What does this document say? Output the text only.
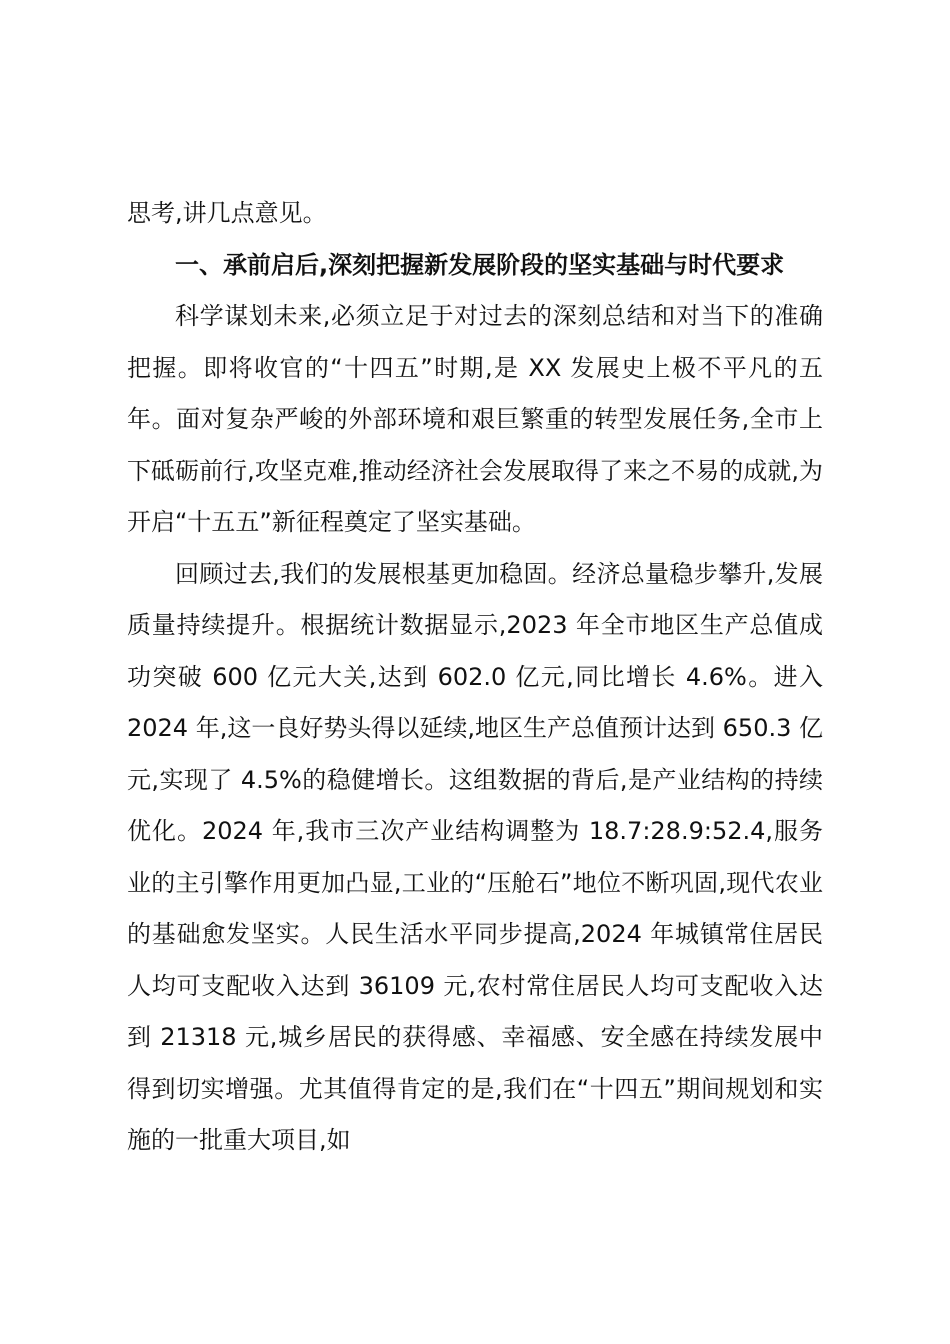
思考,讲几点意见。

一、承前启后,深刻把握新发展阶段的坚实基础与时代要求

科学谋划未来,必须立足于对过去的深刻总结和对当下的准确把握。即将收官的“十四五”时期,是 XX 发展史上极不平凡的五年。面对复杂严峻的外部环境和艰巨繁重的转型发展任务,全市上下砥砺前行,攻坚克难,推动经济社会发展取得了来之不易的成就,为开启“十五五”新征程奠定了坚实基础。

回顾过去,我们的发展根基更加稳固。经济总量稳步攀升,发展质量持续提升。根据统计数据显示,2023 年全市地区生产总值成功突破 600 亿元大关,达到 602.0 亿元,同比增长 4.6%。进入 2024 年,这一良好势头得以延续,地区生产总值预计达到 650.3 亿元,实现了 4.5%的稳健增长。这组数据的背后,是产业结构的持续优化。2024 年,我市三次产业结构调整为 18.7:28.9:52.4,服务业的主引擎作用更加凸显,工业的“压舱石”地位不断巩固,现代农业的基础愈发坚实。人民生活水平同步提高,2024 年城镇常住居民人均可支配收入达到 36109 元,农村常住居民人均可支配收入达到 21318 元,城乡居民的获得感、幸福感、安全感在持续发展中得到切实增强。尤其值得肯定的是,我们在“十四五”期间规划和实施的一批重大项目,如
